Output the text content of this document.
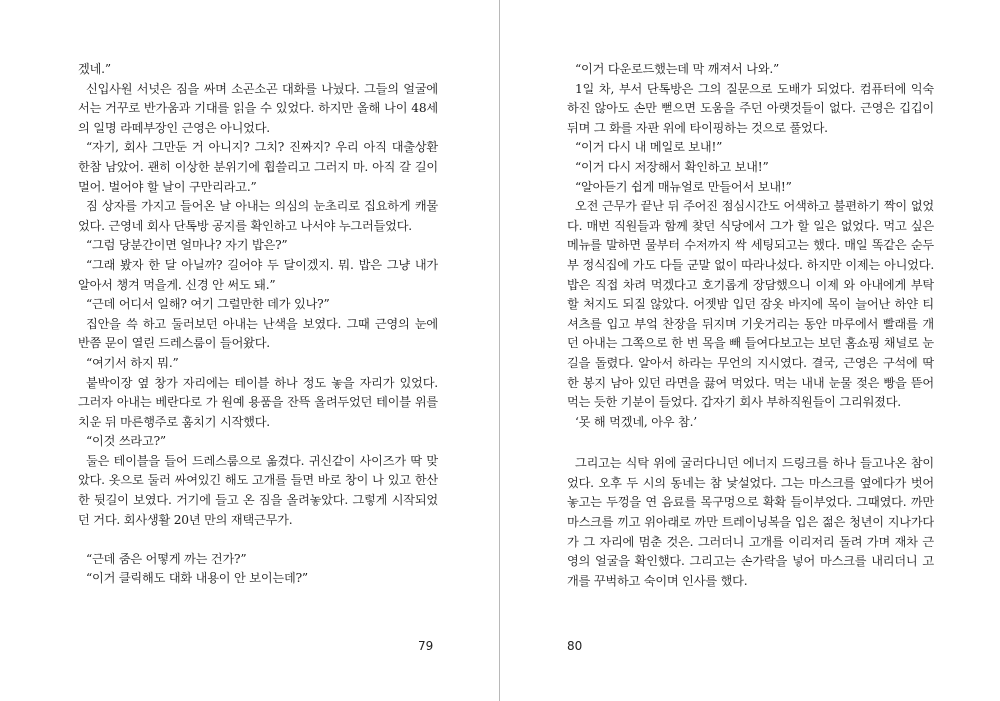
겠네.”

신입사원 서넛은 짐을 싸며 소곤소곤 대화를 나눴다. 그들의 얼굴에서는 거꾸로 반가움과 기대를 읽을 수 있었다. 하지만 올해 나이 48세의 일명 라떼부장인 근영은 아니었다.

“자기, 회사 그만둔 거 아니지? 그치? 진짜지? 우리 아직 대출상환 한참 남았어. 괜히 이상한 분위기에 휩쓸리고 그러지 마. 아직 갈 길이 멀어. 벌어야 할 날이 구만리라고.”

짐 상자를 가지고 들어온 날 아내는 의심의 눈초리로 집요하게 캐물었다. 근영네 회사 단톡방 공지를 확인하고 나서야 누그러들었다.

“그럼 당분간이면 얼마나? 자기 밥은?”

“그래 봤자 한 달 아닐까? 길어야 두 달이겠지. 뭐. 밥은 그냥 내가 알아서 챙겨 먹을게. 신경 안 써도 돼.”

“근데 어디서 일해? 여기 그럴만한 데가 있나?”

집안을 쓱 하고 둘러보던 아내는 난색을 보였다. 그때 근영의 눈에 반쯤 문이 열린 드레스룸이 들어왔다.

“여기서 하지 뭐.”

붙박이장 옆 창가 자리에는 테이블 하나 정도 놓을 자리가 있었다. 그러자 아내는 베란다로 가 원예 용품을 잔뜩 올려두었던 테이블 위를 치운 뒤 마른행주로 훔치기 시작했다.

“이것 쓰라고?”

둘은 테이블을 들어 드레스룸으로 옮겼다. 귀신같이 사이즈가 딱 맞았다. 옷으로 둘러 싸여있긴 해도 고개를 들면 바로 창이 나 있고 한산한 뒷길이 보였다. 거기에 들고 온 짐을 올려놓았다. 그렇게 시작되었던 거다. 회사생활 20년 만의 재택근무가.

“근데 줌은 어떻게 까는 건가?”

“이거 클릭해도 대화 내용이 안 보이는데?”

79

“이거 다운로드했는데 막 깨져서 나와.”

1일 차, 부서 단톡방은 그의 질문으로 도배가 되었다. 컴퓨터에 익숙하진 않아도 손만 뻗으면 도움을 주던 아랫것들이 없다. 근영은 깁깁이 뒤며 그 화를 자판 위에 타이핑하는 것으로 풀었다.

“이거 다시 내 메일로 보내!”

“이거 다시 저장해서 확인하고 보내!”

“알아듣기 쉽게 매뉴얼로 만들어서 보내!”

오전 근무가 끝난 뒤 주어진 점심시간도 어색하고 불편하기 짝이 없었다. 매번 직원들과 함께 찾던 식당에서 그가 할 일은 없었다. 먹고 싶은 메뉴를 말하면 물부터 수저까지 싹 세팅되고는 했다. 매일 똑같은 순두부 정식집에 가도 다들 군말 없이 따라나섰다. 하지만 이제는 아니었다. 밥은 직접 차려 먹겠다고 호기롭게 장담했으니 이제 와 아내에게 부탁할 처지도 되질 않았다. 어젯밤 입던 잠옷 바지에 목이 늘어난 하얀 티셔츠를 입고 부엌 찬장을 뒤지며 기웃거리는 동안 마루에서 빨래를 개던 아내는 그쪽으로 한 번 목을 빼 들여다보고는 보던 홈쇼핑 채널로 눈길을 돌렸다. 알아서 하라는 무언의 지시였다. 결국, 근영은 구석에 딱 한 봉지 남아 있던 라면을 끓여 먹었다. 먹는 내내 눈물 젖은 빵을 뜯어 먹는 듯한 기분이 들었다. 갑자기 회사 부하직원들이 그리워졌다.

‘못 해 먹겠네, 아우 참.’

그리고는 식탁 위에 굴러다니던 에너지 드링크를 하나 들고나온 참이었다. 오후 두 시의 동네는 참 낯설었다. 그는 마스크를 옆에다가 벗어놓고는 두껑을 연 음료를 목구멍으로 확확 들이부었다. 그때였다. 까만 마스크를 끼고 위아래로 까만 트레이닝복을 입은 젊은 청년이 지나가다가 그 자리에 멈춘 것은. 그러더니 고개를 이리저리 돌려 가며 재차 근영의 얼굴을 확인했다. 그리고는 손가락을 넣어 마스크를 내리더니 고개를 꾸벅하고 숙이며 인사를 했다.

80
